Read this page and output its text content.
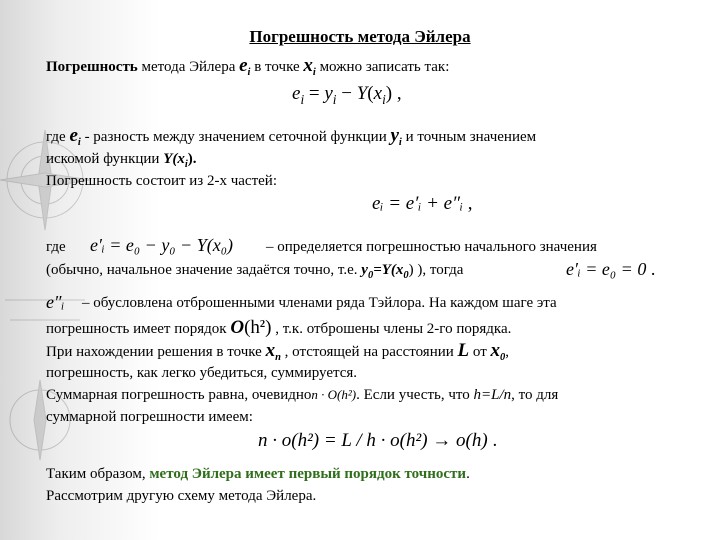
Погрешность метода Эйлера
Погрешность метода Эйлера $e_i$ в точке $x_i$ можно записать так:
$e_i = y_i - Y(x_i)$ ,
где $e_i$ - разность между значением сеточной функции $y_i$ и точным значением
искомой функции $Y(x_i)$.
Погрешность состоит из 2-х частей:
eᵢ = e′ᵢ + e″ᵢ ,
где e′ᵢ = e₀ − y₀ − Y(x₀) – определяется погрешностью начального значения
(обычно, начальное значение задаётся точно, т.е. $y_0=Y(x_0)$ ), тогда	e′ᵢ = e₀ = 0 .
e″ᵢ – обусловлена отброшенными членами ряда Тэйлора. На каждом шаге эта
погрешность имеет порядок $O(h^2)$ , т.к. отброшены члены 2-го порядка.
При нахождении решения в точке $x_n$ , отстоящей на расстоянии L от $x_0$,
погрешность, как легко убедиться, суммируется.
Суммарная погрешность равна, очевидноn · O(h²). Если учесть, что h=L/n, то для
суммарной погрешности имеем:
n · o(h²) = L / h · o(h²) → o(h) .
Таким образом, метод Эйлера имеет первый порядок точности.
Рассмотрим другую схему метода Эйлера.
